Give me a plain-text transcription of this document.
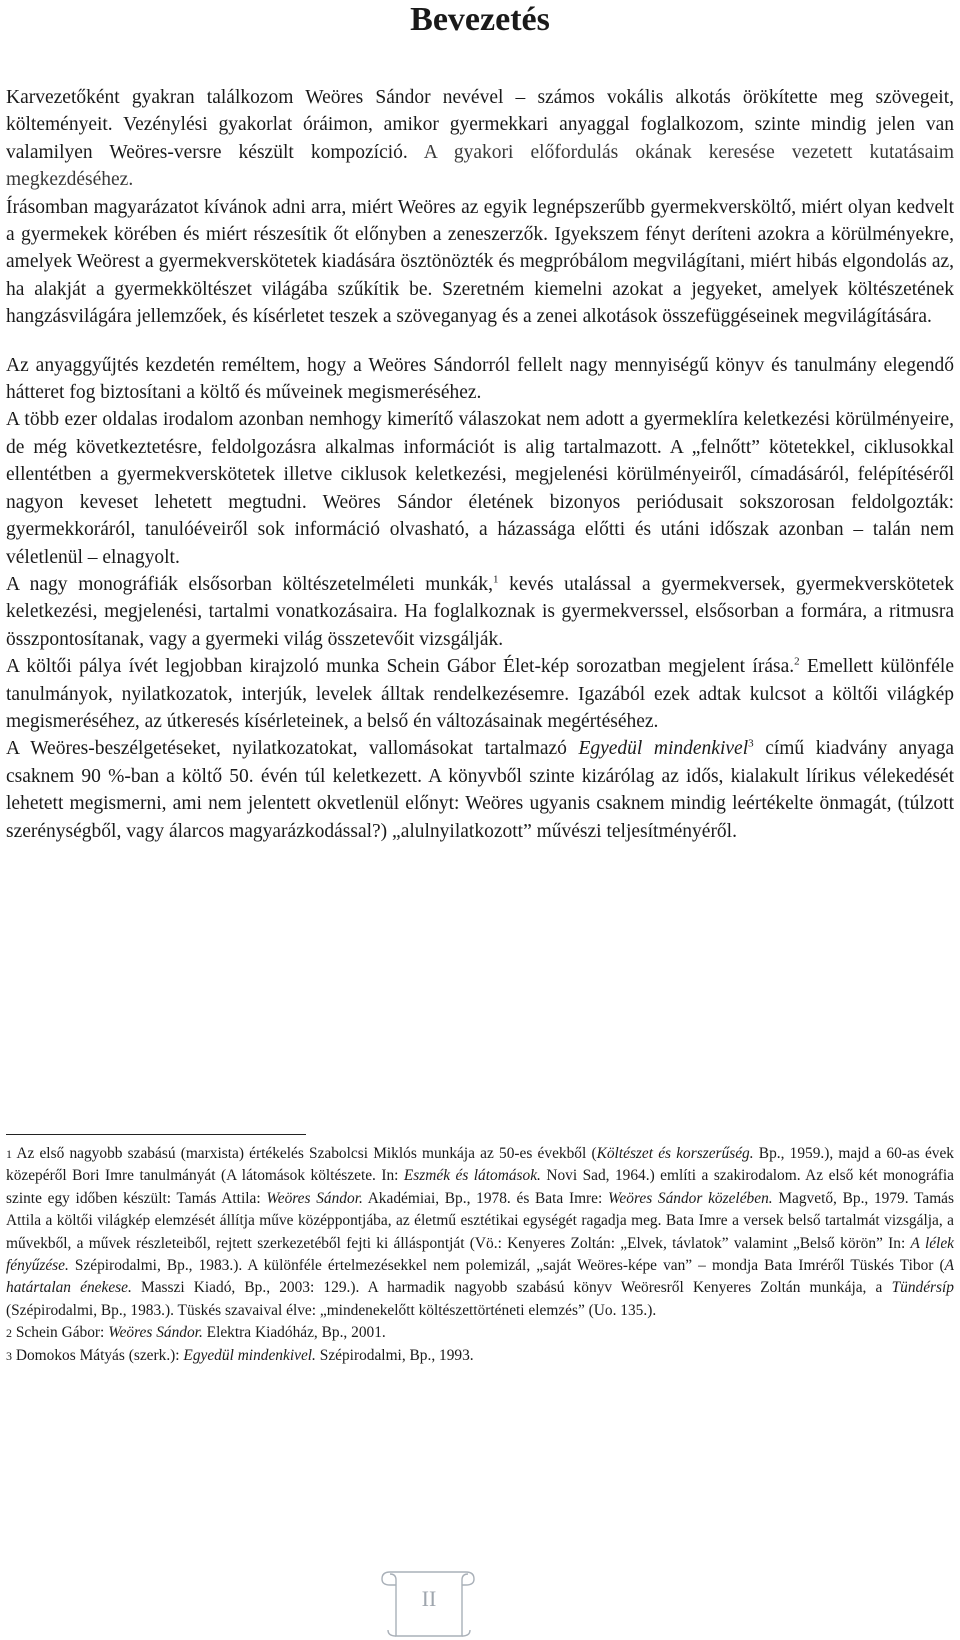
Bevezetés

Karvezetőként gyakran találkozom Weöres Sándor nevével – számos vokális alkotás örökítette meg szövegeit, költeményeit. Vezénylési gyakorlat óráimon, amikor gyermekkari anyaggal foglalkozom, szinte mindig jelen van valamilyen Weöres-versre készült kompozíció. A gyakori előfordulás okának keresése vezetett kutatásaim megkezdéséhez.
Írásomban magyarázatot kívánok adni arra, miért Weöres az egyik legnépszerűbb gyermekversköltő, miért olyan kedvelt a gyermekek körében és miért részesítik őt előnyben a zeneszerzők. Igyekszem fényt deríteni azokra a körülményekre, amelyek Weörest a gyermekverskötetek kiadására ösztönözték és megpróbálom megvilágítani, miért hibás elgondolás az, ha alakját a gyermekköltészet világába szűkítik be. Szeretném kiemelni azokat a jegyeket, amelyek költészetének hangzásvilágára jellemzőek, és kísérletet teszek a szöveganyag és a zenei alkotások összefüggéseinek megvilágítására.

Az anyaggyűjtés kezdetén reméltem, hogy a Weöres Sándorról fellelt nagy mennyiségű könyv és tanulmány elegendő hátteret fog biztosítani a költő és műveinek megismeréséhez.

A több ezer oldalas irodalom azonban nemhogy kimerítő válaszokat nem adott a gyermeklíra keletkezési körülményeire, de még következtetésre, feldolgozásra alkalmas információt is alig tartalmazott. A „felnőtt” kötetekkel, ciklusokkal ellentétben a gyermekverskötetek illetve ciklusok keletkezési, megjelenési körülményeiről, címadásáról, felépítéséről nagyon keveset lehetett megtudni. Weöres Sándor életének bizonyos periódusait sokszorosan feldolgozták: gyermekkoráról, tanulóéveiről sok információ olvasható, a házassága előtti és utáni időszak azonban – talán nem véletlenül – elnagyolt.

A nagy monográfiák elsősorban költészetelméleti munkák,$^1$ kevés utalással a gyermekversek, gyermekverskötetek keletkezési, megjelenési, tartalmi vonatkozásaira. Ha foglalkoznak is gyermekverssel, elsősorban a formára, a ritmusra összpontosítanak, vagy a gyermeki világ összetevőit vizsgálják.

A költői pálya ívét legjobban kirajzoló munka Schein Gábor Élet-kép sorozatban megjelent írása.$^2$ Emellett különféle tanulmányok, nyilatkozatok, interjúk, levelek álltak rendelkezésemre. Igazából ezek adtak kulcsot a költői világkép megismeréséhez, az útkeresés kísérleteinek, a belső én változásainak megértéséhez.

A Weöres-beszélgetéseket, nyilatkozatokat, vallomásokat tartalmazó Egyedül mindenkivel$^3$ című kiadvány anyaga csaknem 90 %-ban a költő 50. évén túl keletkezett. A könyvből szinte kizárólag az idős, kialakult lírikus vélekedését lehetett megismerni, ami nem jelentett okvetlenül előnyt: Weöres ugyanis csaknem mindig leértékelte önmagát, (túlzott szerénységből, vagy álarcos magyarázkodással?) „alulnyilatkozott” művészi teljesítményéről.

$^1$ Az első nagyobb szabású (marxista) értékelés Szabolcsi Miklós munkája az 50-es évekből (Költészet és korszerűség. Bp., 1959.), majd a 60-as évek közepéről Bori Imre tanulmányát (A látomások költészete. In: Eszmék és látomások. Novi Sad, 1964.) említi a szakirodalom. Az első két monográfia szinte egy időben készült: Tamás Attila: Weöres Sándor. Akadémiai, Bp., 1978. és Bata Imre: Weöres Sándor közelében. Magvető, Bp., 1979. Tamás Attila a költői világkép elemzését állítja műve középpontjába, az életmű esztétikai egységét ragadja meg. Bata Imre a versek belső tartalmát vizsgálja, a művekből, a művek részleteiből, rejtett szerkezetéből fejti ki álláspontját (Vö.: Kenyeres Zoltán: „Elvek, távlatok” valamint „Belső körön” In: A lélek fényűzése. Szépirodalmi, Bp., 1983.). A különféle értelmezésekkel nem polemizál, „saját Weöres-képe van” – mondja Bata Imréről Tüskés Tibor (A határtalan énekese. Masszi Kiadó, Bp., 2003: 129.). A harmadik nagyobb szabású könyv Weöresről Kenyeres Zoltán munkája, a Tündérsíp (Szépirodalmi, Bp., 1983.). Tüskés szavaival élve: „mindenekelőtt költészettörténeti elemzés” (Uo. 135.).

$^2$ Schein Gábor: Weöres Sándor. Elektra Kiadóház, Bp., 2001.

$^3$ Domokos Mátyás (szerk.): Egyedül mindenkivel. Szépirodalmi, Bp., 1993.

II
